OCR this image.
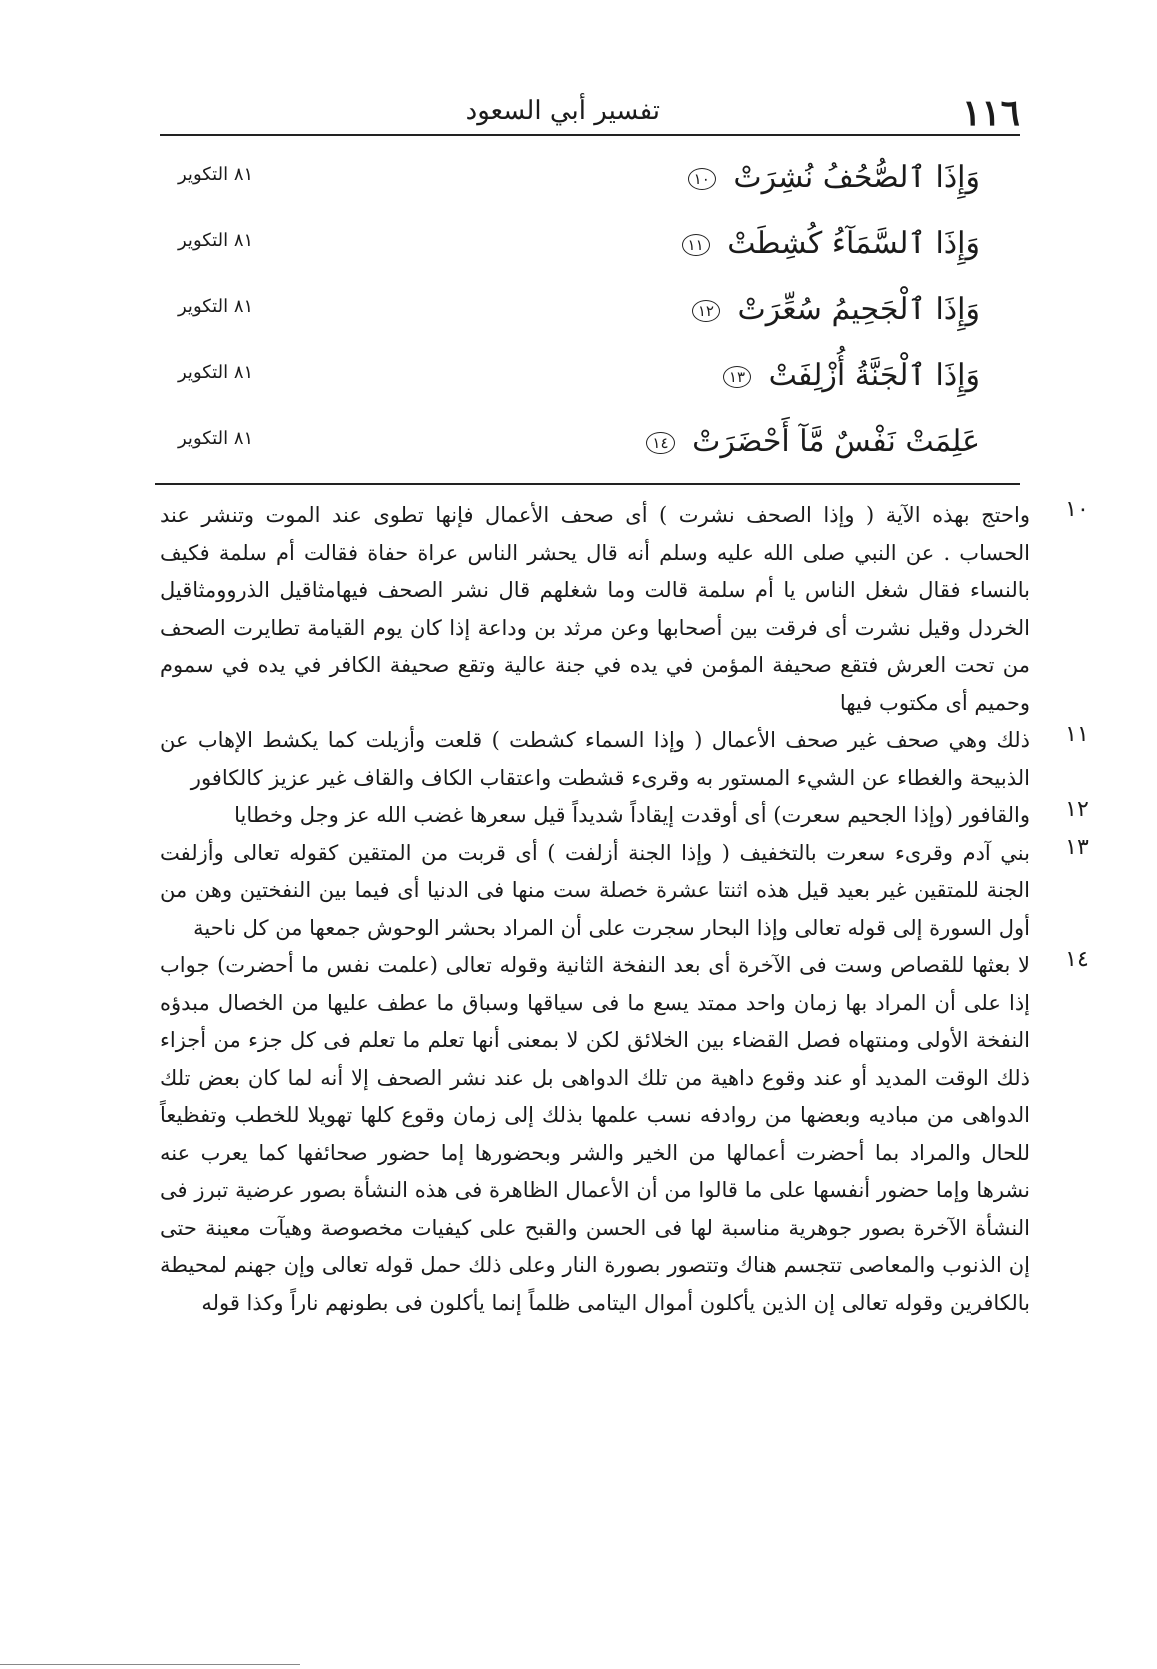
١١٦
تفسير أبي السعود
وَإِذَا ٱلصُّحُفُ نُشِرَتْ ١٠
٨١ التكوير
وَإِذَا ٱلسَّمَآءُ كُشِطَتْ ١١
٨١ التكوير
وَإِذَا ٱلْجَحِيمُ سُعِّرَتْ ١٢
٨١ التكوير
وَإِذَا ٱلْجَنَّةُ أُزْلِفَتْ ١٣
٨١ التكوير
عَلِمَتْ نَفْسٌ مَّآ أَحْضَرَتْ ١٤
٨١ التكوير
١٠
واحتج بهذه الآية ( وإذا الصحف نشرت ) أى صحف الأعمال فإنها تطوى عند الموت وتنشر عند الحساب . عن النبي صلى الله عليه وسلم أنه قال يحشر الناس عراة حفاة فقالت أم سلمة فكيف بالنساء فقال شغل الناس يا أم سلمة قالت وما شغلهم قال نشر الصحف فيهامثاقيل الذروومثاقيل الخردل وقيل نشرت أى فرقت بين أصحابها وعن مرثد بن وداعة إذا كان يوم القيامة تطايرت الصحف من تحت العرش فتقع صحيفة المؤمن في يده في جنة عالية وتقع صحيفة الكافر في يده في سموم وحميم أى مكتوب فيها
١١
ذلك وهي صحف غير صحف الأعمال ( وإذا السماء كشطت ) قلعت وأزيلت كما يكشط الإهاب عن الذبيحة والغطاء عن الشيء المستور به وقرىء قشطت واعتقاب الكاف والقاف غير عزيز كالكافور
١٢
والقافور (وإذا الجحيم سعرت) أى أوقدت إيقاداً شديداً قيل سعرها غضب الله عز وجل وخطايا
١٣
بني آدم وقرىء سعرت بالتخفيف ( وإذا الجنة أزلفت ) أى قربت من المتقين كقوله تعالى وأزلفت الجنة للمتقين غير بعيد قيل هذه اثنتا عشرة خصلة ست منها فى الدنيا أى فيما بين النفختين وهن من أول السورة إلى قوله تعالى وإذا البحار سجرت على أن المراد بحشر الوحوش جمعها من كل ناحية
١٤
لا بعثها للقصاص وست فى الآخرة أى بعد النفخة الثانية وقوله تعالى (علمت نفس ما أحضرت) جواب إذا على أن المراد بها زمان واحد ممتد يسع ما فى سياقها وسباق ما عطف عليها من الخصال مبدؤه النفخة الأولى ومنتهاه فصل القضاء بين الخلائق لكن لا بمعنى أنها تعلم ما تعلم فى كل جزء من أجزاء ذلك الوقت المديد أو عند وقوع داهية من تلك الدواهى بل عند نشر الصحف إلا أنه لما كان بعض تلك الدواهى من مباديه وبعضها من روادفه نسب علمها بذلك إلى زمان وقوع كلها تهويلا للخطب وتفظيعاً للحال والمراد بما أحضرت أعمالها من الخير والشر وبحضورها إما حضور صحائفها كما يعرب عنه نشرها وإما حضور أنفسها على ما قالوا من أن الأعمال الظاهرة فى هذه النشأة بصور عرضية تبرز فى النشأة الآخرة بصور جوهرية مناسبة لها فى الحسن والقبح على كيفيات مخصوصة وهيآت معينة حتى إن الذنوب والمعاصى تتجسم هناك وتتصور بصورة النار وعلى ذلك حمل قوله تعالى وإن جهنم لمحيطة بالكافرين وقوله تعالى إن الذين يأكلون أموال اليتامى ظلماً إنما يأكلون فى بطونهم ناراً وكذا قوله
